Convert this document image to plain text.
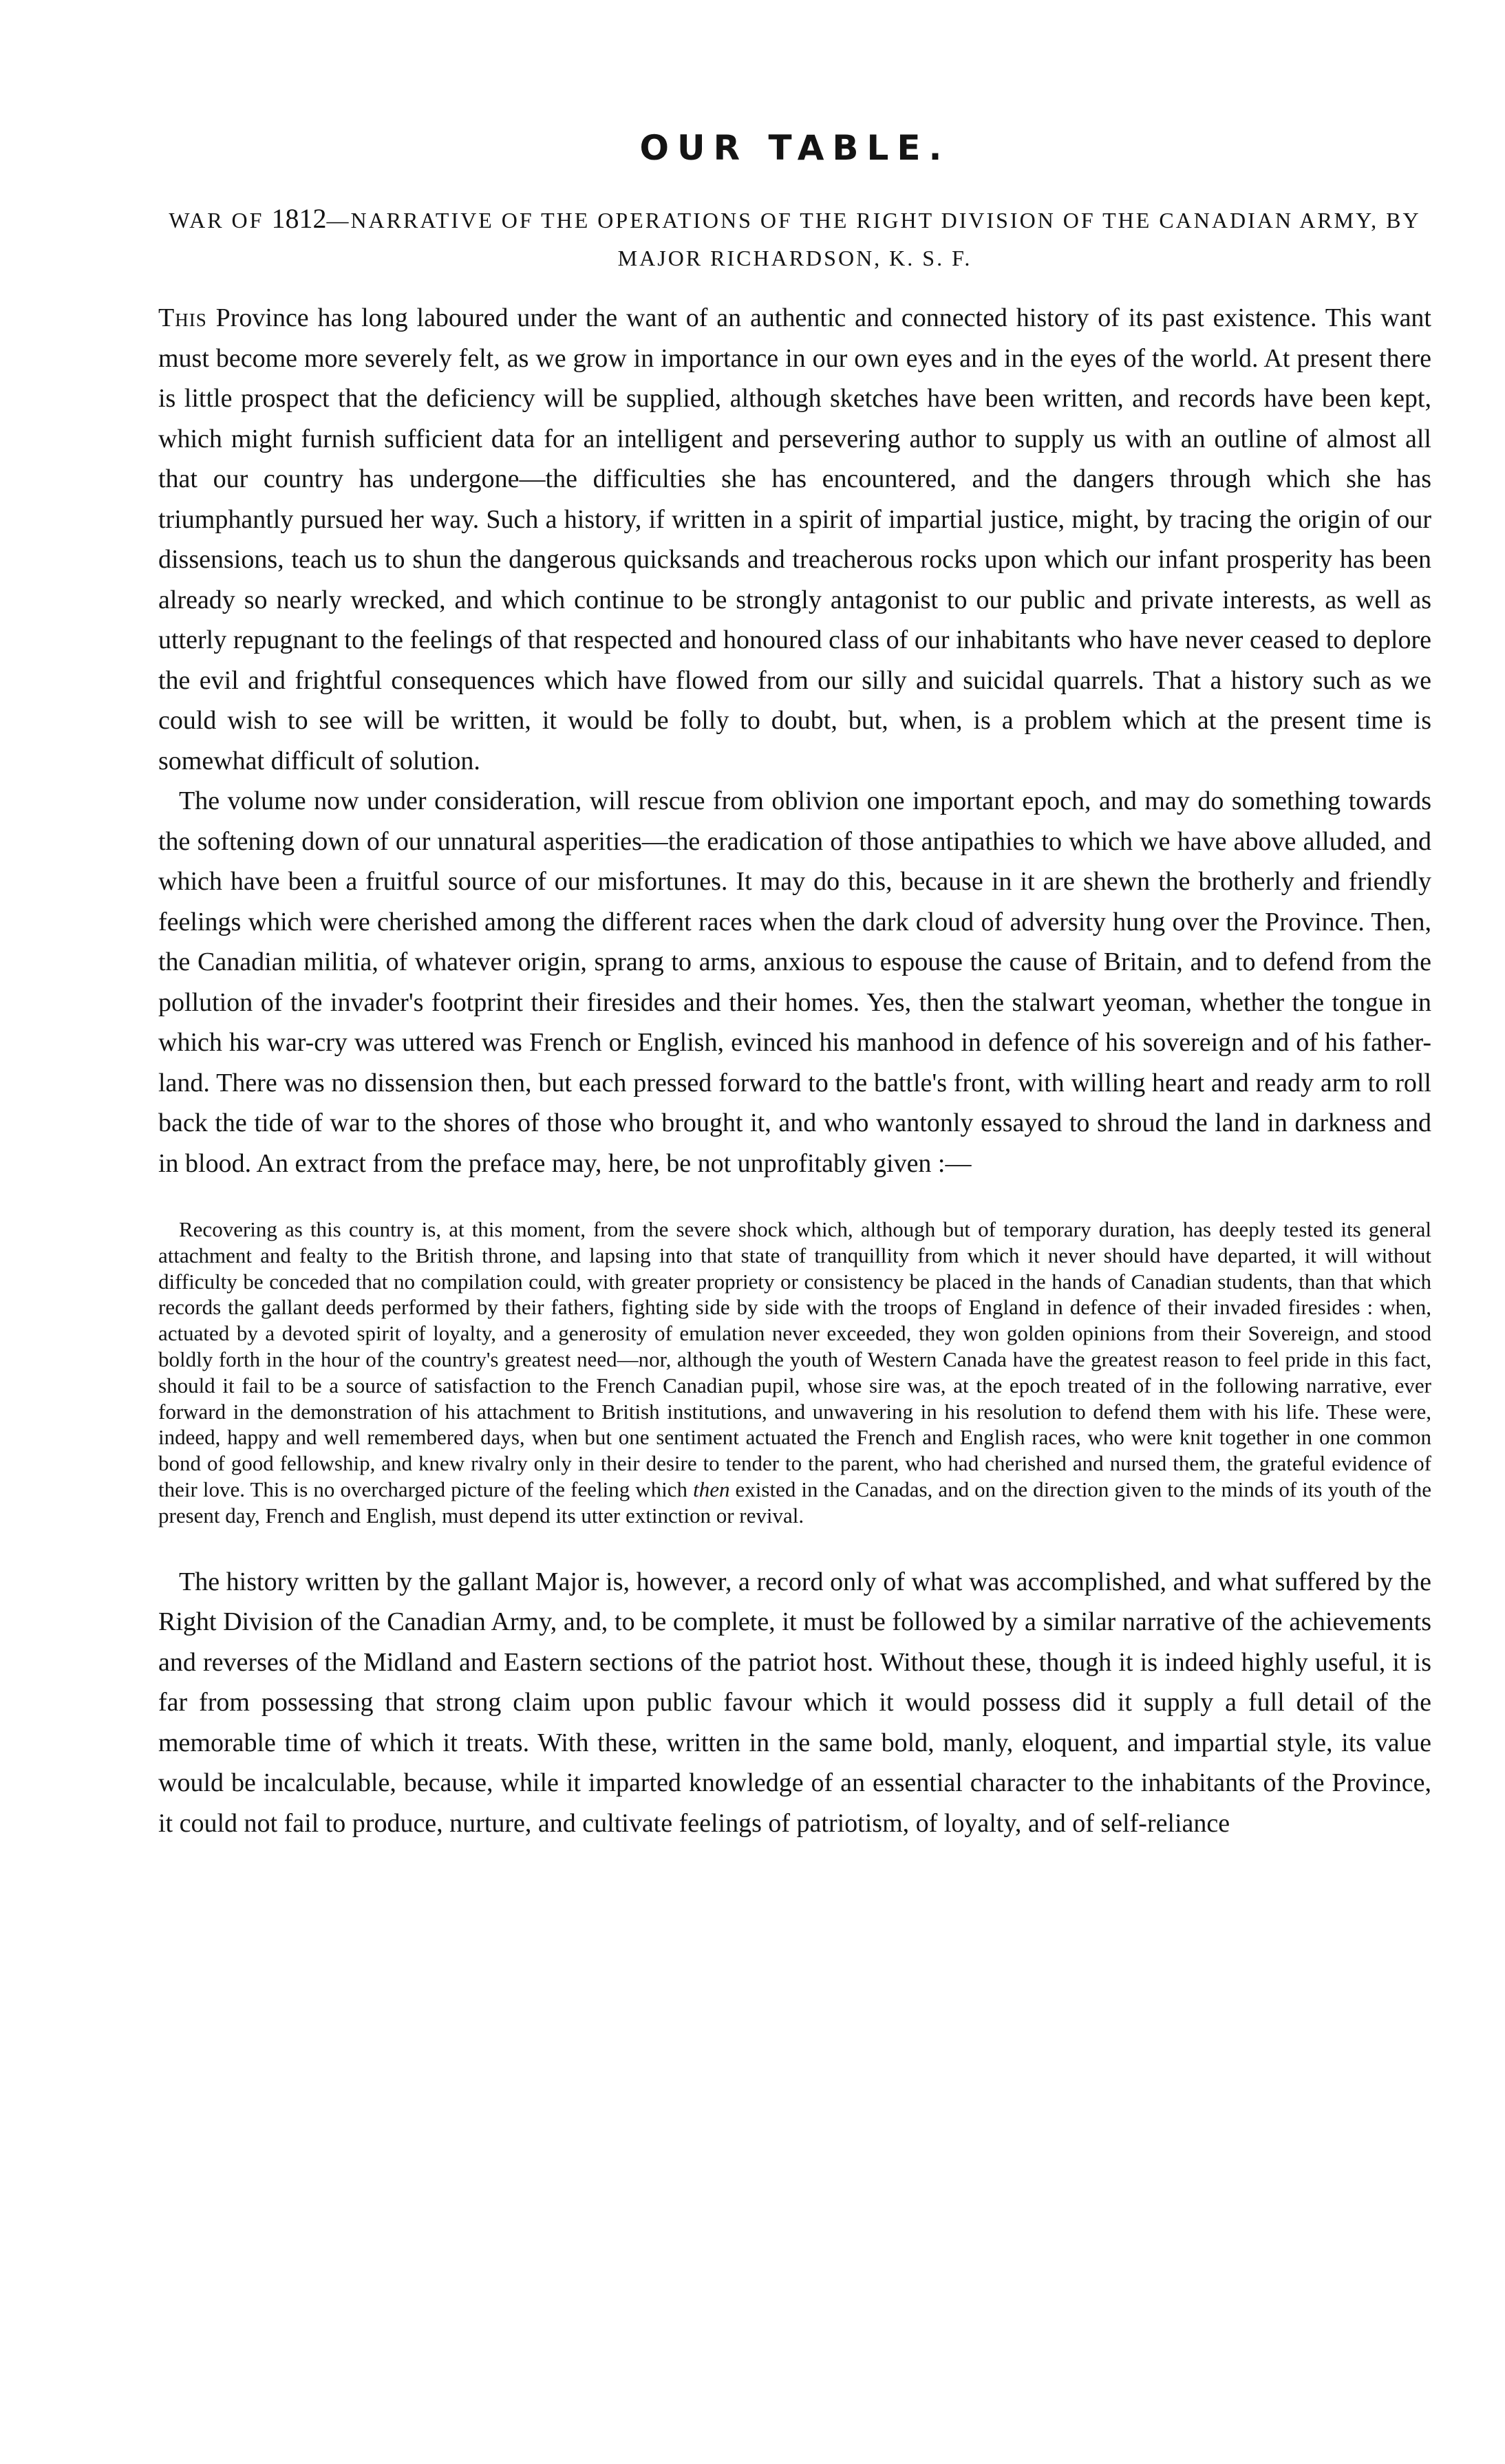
OUR TABLE.

WAR OF 1812—NARRATIVE OF THE OPERATIONS OF THE RIGHT DIVISION OF THE CANADIAN ARMY, BY MAJOR RICHARDSON, K. S. F.

This Province has long laboured under the want of an authentic and connected history of its past existence. This want must become more severely felt, as we grow in importance in our own eyes and in the eyes of the world. At present there is little prospect that the deficiency will be supplied, although sketches have been written, and records have been kept, which might furnish sufficient data for an intelligent and persevering author to supply us with an outline of almost all that our country has undergone—the difficulties she has encountered, and the dangers through which she has triumphantly pursued her way. Such a history, if written in a spirit of impartial justice, might, by tracing the origin of our dissensions, teach us to shun the dangerous quicksands and treacherous rocks upon which our infant prosperity has been already so nearly wrecked, and which continue to be strongly antagonist to our public and private interests, as well as utterly repugnant to the feelings of that respected and honoured class of our inhabitants who have never ceased to deplore the evil and frightful consequences which have flowed from our silly and suicidal quarrels. That a history such as we could wish to see will be written, it would be folly to doubt, but, when, is a problem which at the present time is somewhat difficult of solution.

The volume now under consideration, will rescue from oblivion one important epoch, and may do something towards the softening down of our unnatural asperities—the eradication of those antipathies to which we have above alluded, and which have been a fruitful source of our misfortunes. It may do this, because in it are shewn the brotherly and friendly feelings which were cherished among the different races when the dark cloud of adversity hung over the Province. Then, the Canadian militia, of whatever origin, sprang to arms, anxious to espouse the cause of Britain, and to defend from the pollution of the invader's footprint their firesides and their homes. Yes, then the stalwart yeoman, whether the tongue in which his war-cry was uttered was French or English, evinced his manhood in defence of his sovereign and of his father-land. There was no dissension then, but each pressed forward to the battle's front, with willing heart and ready arm to roll back the tide of war to the shores of those who brought it, and who wantonly essayed to shroud the land in darkness and in blood. An extract from the preface may, here, be not unprofitably given :—

Recovering as this country is, at this moment, from the severe shock which, although but of temporary duration, has deeply tested its general attachment and fealty to the British throne, and lapsing into that state of tranquillity from which it never should have departed, it will without difficulty be conceded that no compilation could, with greater propriety or consistency be placed in the hands of Canadian students, than that which records the gallant deeds performed by their fathers, fighting side by side with the troops of England in defence of their invaded firesides : when, actuated by a devoted spirit of loyalty, and a generosity of emulation never exceeded, they won golden opinions from their Sovereign, and stood boldly forth in the hour of the country's greatest need—nor, although the youth of Western Canada have the greatest reason to feel pride in this fact, should it fail to be a source of satisfaction to the French Canadian pupil, whose sire was, at the epoch treated of in the following narrative, ever forward in the demonstration of his attachment to British institutions, and unwavering in his resolution to defend them with his life. These were, indeed, happy and well remembered days, when but one sentiment actuated the French and English races, who were knit together in one common bond of good fellowship, and knew rivalry only in their desire to tender to the parent, who had cherished and nursed them, the grateful evidence of their love. This is no overcharged picture of the feeling which then existed in the Canadas, and on the direction given to the minds of its youth of the present day, French and English, must depend its utter extinction or revival.

The history written by the gallant Major is, however, a record only of what was accomplished, and what suffered by the Right Division of the Canadian Army, and, to be complete, it must be followed by a similar narrative of the achievements and reverses of the Midland and Eastern sections of the patriot host. Without these, though it is indeed highly useful, it is far from possessing that strong claim upon public favour which it would possess did it supply a full detail of the memorable time of which it treats. With these, written in the same bold, manly, eloquent, and impartial style, its value would be incalculable, because, while it imparted knowledge of an essential character to the inhabitants of the Province, it could not fail to produce, nurture, and cultivate feelings of patriotism, of loyalty, and of self-reliance
